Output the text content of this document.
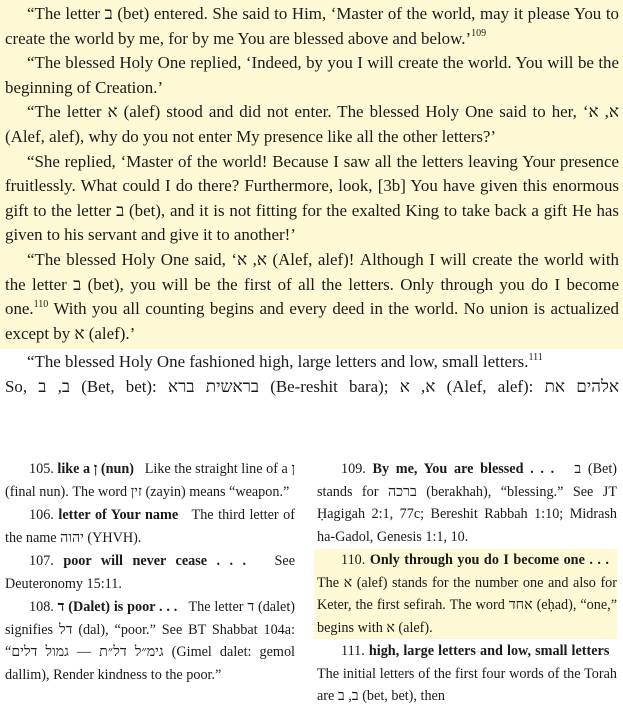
“The letter ב (bet) entered. She said to Him, ‘Master of the world, may it please You to create the world by me, for by me You are blessed above and below.’$^{109}$

“The blessed Holy One replied, ‘Indeed, by you I will create the world. You will be the beginning of Creation.’

“The letter א (alef) stood and did not enter. The blessed Holy One said to her, ‘א, א (Alef, alef), why do you not enter My presence like all the other letters?’

“She replied, ‘Master of the world! Because I saw all the letters leaving Your presence fruitlessly. What could I do there? Furthermore, look, [3b] You have given this enormous gift to the letter ב (bet), and it is not fitting for the exalted King to take back a gift He has given to his servant and give it to another!’

“The blessed Holy One said, ‘א, א (Alef, alef)! Although I will create the world with the letter ב (bet), you will be the first of all the letters. Only through you do I become one.$^{110}$ With you all counting begins and every deed in the world. No union is actualized except by א (alef).’

“The blessed Holy One fashioned high, large letters and low, small letters.$^{111}$

So, ב, ב (Bet, bet): בראשית ברא (Be-reshit bara); א, א (Alef, alef): אלהים את

105. like a ן (nun) Like the straight line of a ן (final nun). The word זין (zayin) means “weapon.”

106. letter of Your name The third letter of the name יהוה (YHVH).

107. poor will never cease . . . See Deuteronomy 15:11.

108. ד (Dalet) is poor . . . The letter ד (dalet) signifies דל (dal), “poor.” See BT Shabbat 104a: “גימ״ל דל״ת — גמול דלים (Gimel dalet: gemol dallim), Render kindness to the poor.”

109. By me, You are blessed . . . ב (Bet) stands for ברכה (berakhah), “blessing.” See JT Ḥagigah 2:1, 77c; Bereshit Rabbah 1:10; Midrash ha-Gadol, Genesis 1:1, 10.

110. Only through you do I become one . . .   The א (alef) stands for the number one and also for Keter, the first sefirah. The word אחד (eḥad), “one,” begins with א (alef).

111. high, large letters and low, small letters   The initial letters of the first four words of the Torah are ב, ב (bet, bet), then
